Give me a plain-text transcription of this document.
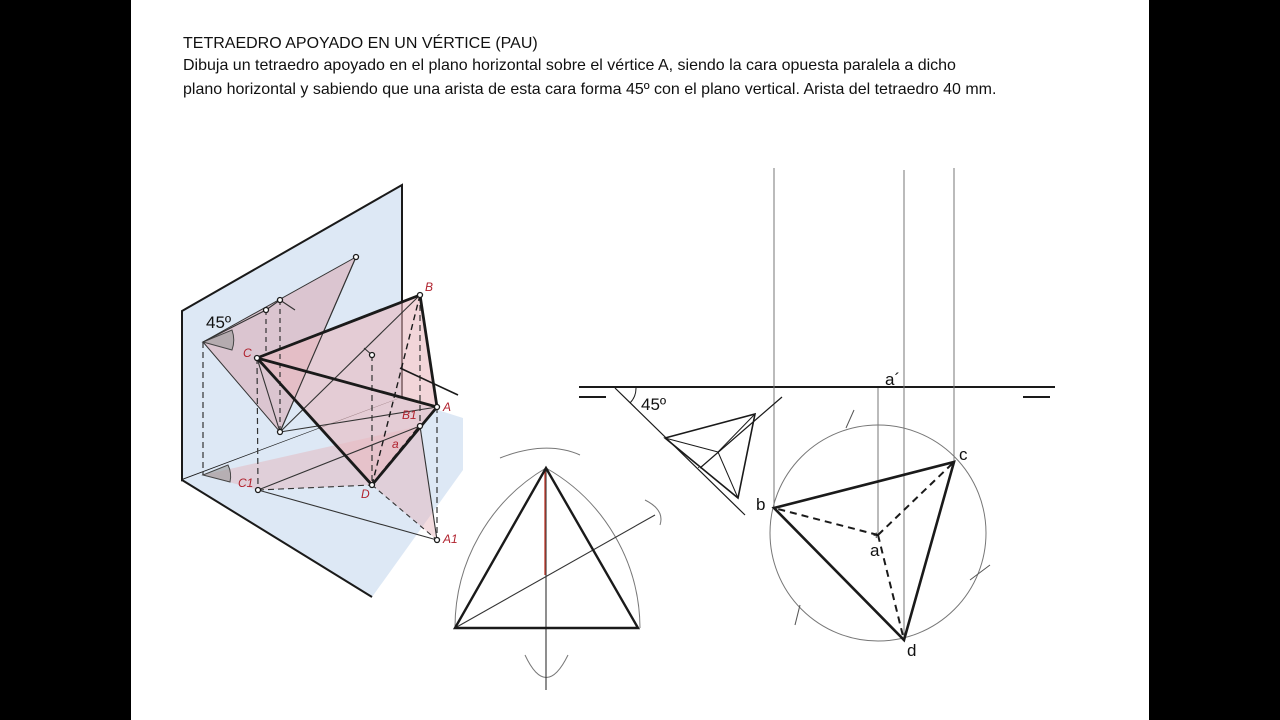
TETRAEDRO APOYADO EN UN VÉRTICE (PAU)
Dibuja un tetraedro apoyado en el plano horizontal sobre el vértice A, siendo la cara opuesta paralela a dicho
plano horizontal y sabiendo que una arista de esta cara forma 45º con el plano vertical. Arista del tetraedro 40 mm.
45º
B
C
A
B1
C1
D
A1
a
45º
·
+
a´
b
c
a
d
